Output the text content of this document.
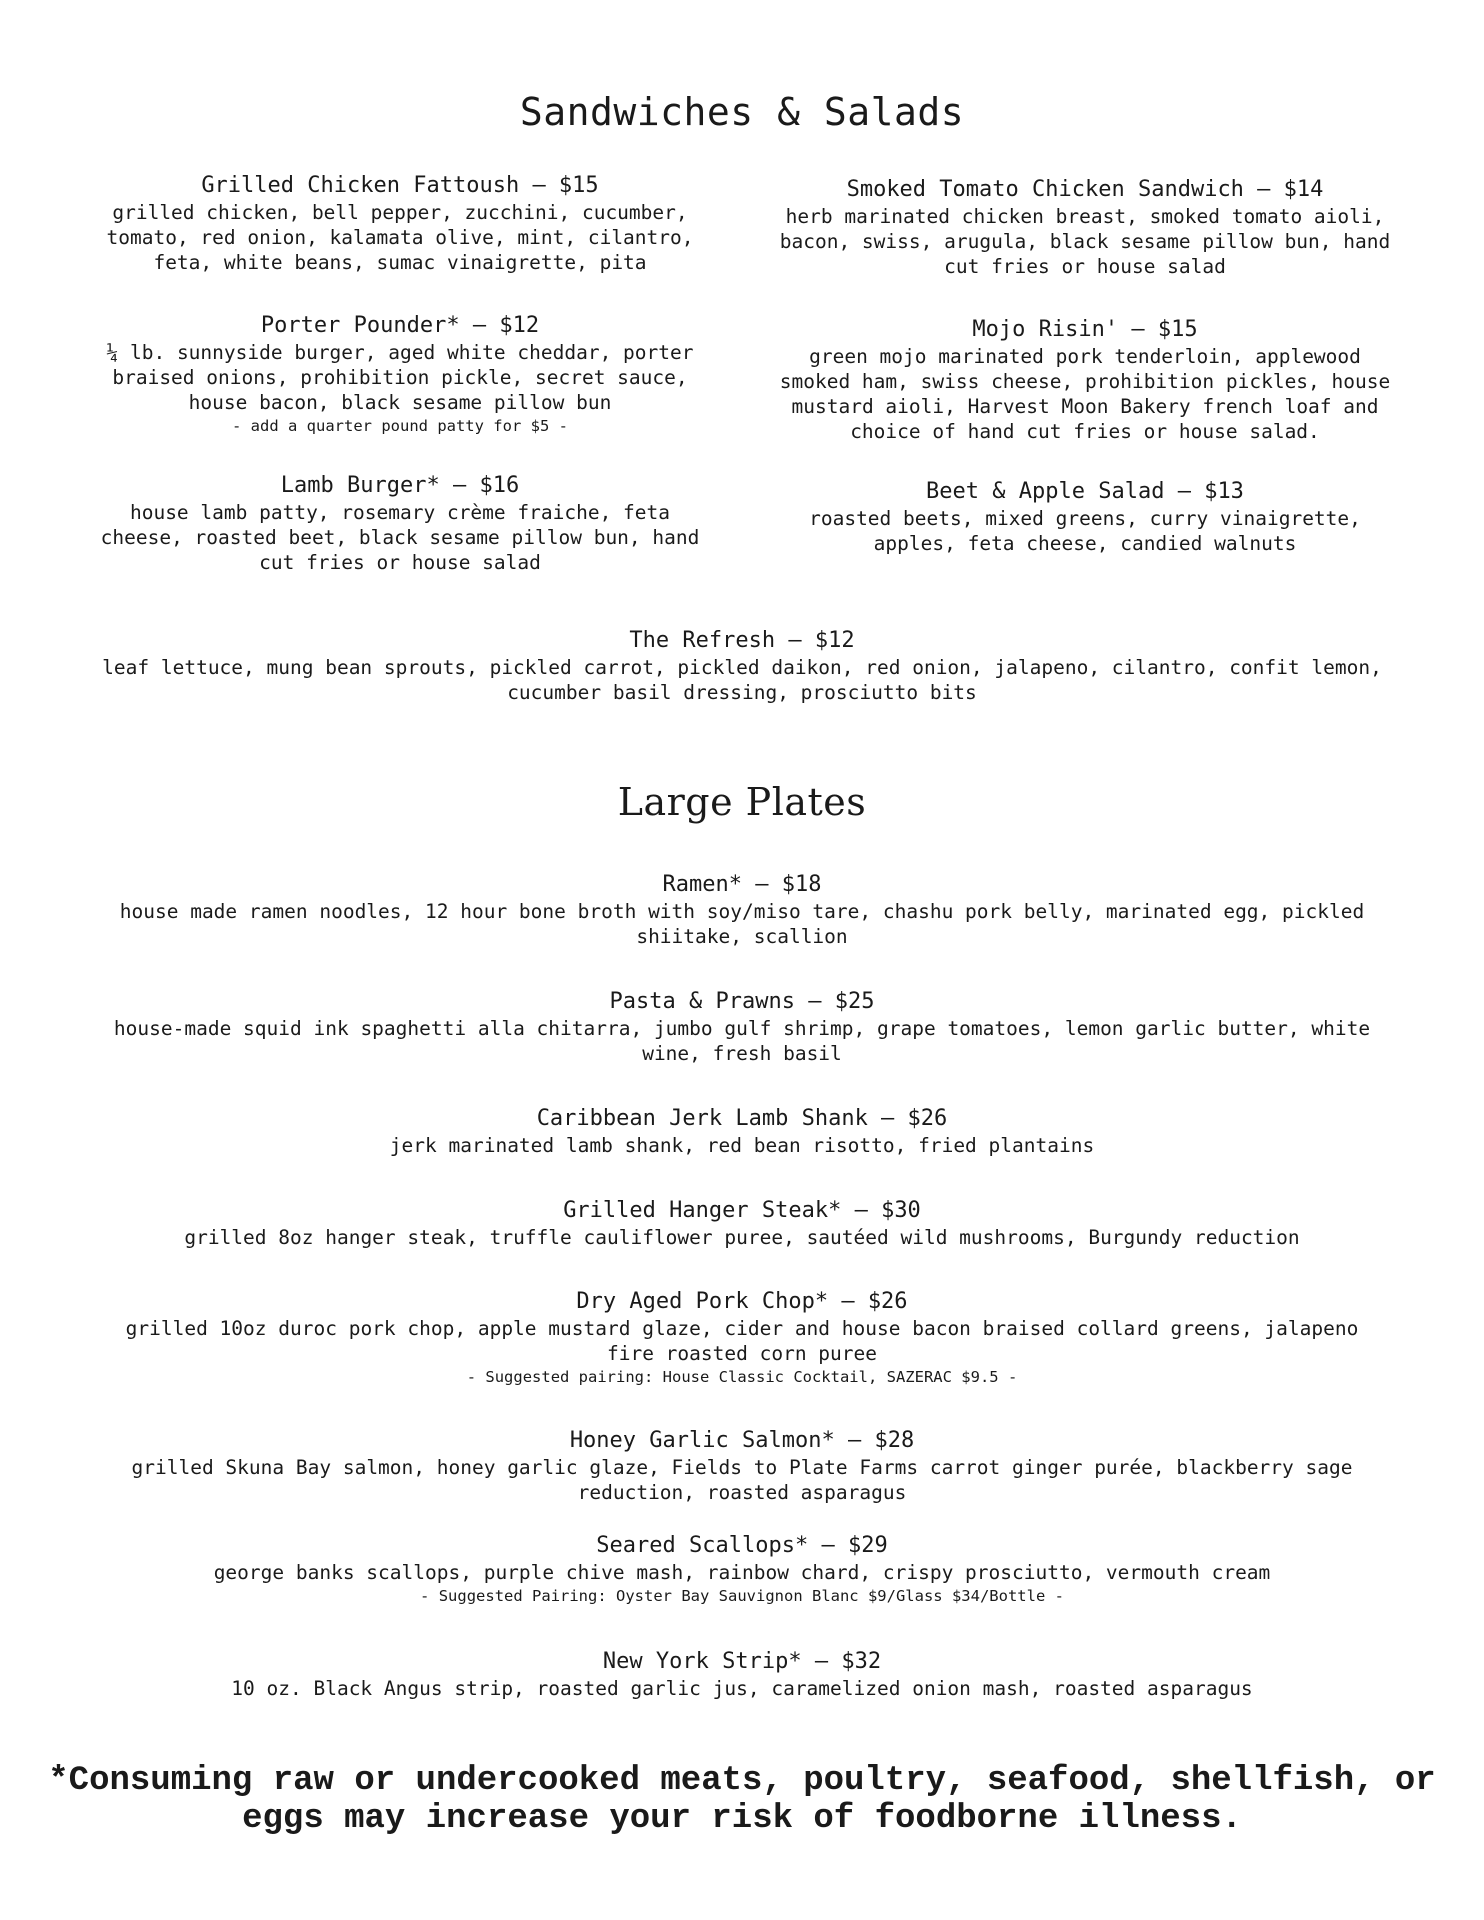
Sandwiches & Salads
Grilled Chicken Fattoush — $15
grilled chicken, bell pepper, zucchini, cucumber, tomato, red onion, kalamata olive, mint, cilantro, feta, white beans, sumac vinaigrette, pita
Porter Pounder* — $12
¼ lb. sunnyside burger, aged white cheddar, porter braised onions, prohibition pickle, secret sauce, house bacon, black sesame pillow bun
- add a quarter pound patty for $5 -
Lamb Burger* — $16
house lamb patty, rosemary crème fraiche, feta cheese, roasted beet, black sesame pillow bun, hand cut fries or house salad
Smoked Tomato Chicken Sandwich — $14
herb marinated chicken breast, smoked tomato aioli, bacon, swiss, arugula, black sesame pillow bun, hand cut fries or house salad
Mojo Risin' — $15
green mojo marinated pork tenderloin, applewood smoked ham, swiss cheese, prohibition pickles, house mustard aioli, Harvest Moon Bakery french loaf and choice of hand cut fries or house salad.
Beet & Apple Salad — $13
roasted beets, mixed greens, curry vinaigrette, apples, feta cheese, candied walnuts
The Refresh — $12
leaf lettuce, mung bean sprouts, pickled carrot, pickled daikon, red onion, jalapeno, cilantro, confit lemon, cucumber basil dressing, prosciutto bits
Large Plates
Ramen* — $18
house made ramen noodles, 12 hour bone broth with soy/miso tare, chashu pork belly, marinated egg, pickled shiitake, scallion
Pasta & Prawns — $25
house-made squid ink spaghetti alla chitarra, jumbo gulf shrimp, grape tomatoes, lemon garlic butter, white wine, fresh basil
Caribbean Jerk Lamb Shank — $26
jerk marinated lamb shank, red bean risotto, fried plantains
Grilled Hanger Steak* — $30
grilled 8oz hanger steak, truffle cauliflower puree, sautéed wild mushrooms, Burgundy reduction
Dry Aged Pork Chop* — $26
grilled 10oz duroc pork chop, apple mustard glaze, cider and house bacon braised collard greens, jalapeno fire roasted corn puree
- Suggested pairing: House Classic Cocktail, SAZERAC $9.5 -
Honey Garlic Salmon* — $28
grilled Skuna Bay salmon, honey garlic glaze, Fields to Plate Farms carrot ginger purée, blackberry sage reduction, roasted asparagus
Seared Scallops* — $29
george banks scallops, purple chive mash, rainbow chard, crispy prosciutto, vermouth cream
- Suggested Pairing: Oyster Bay Sauvignon Blanc $9/Glass $34/Bottle -
New York Strip* — $32
10 oz. Black Angus strip, roasted garlic jus, caramelized onion mash, roasted asparagus
*Consuming raw or undercooked meats, poultry, seafood, shellfish, or eggs may increase your risk of foodborne illness.
